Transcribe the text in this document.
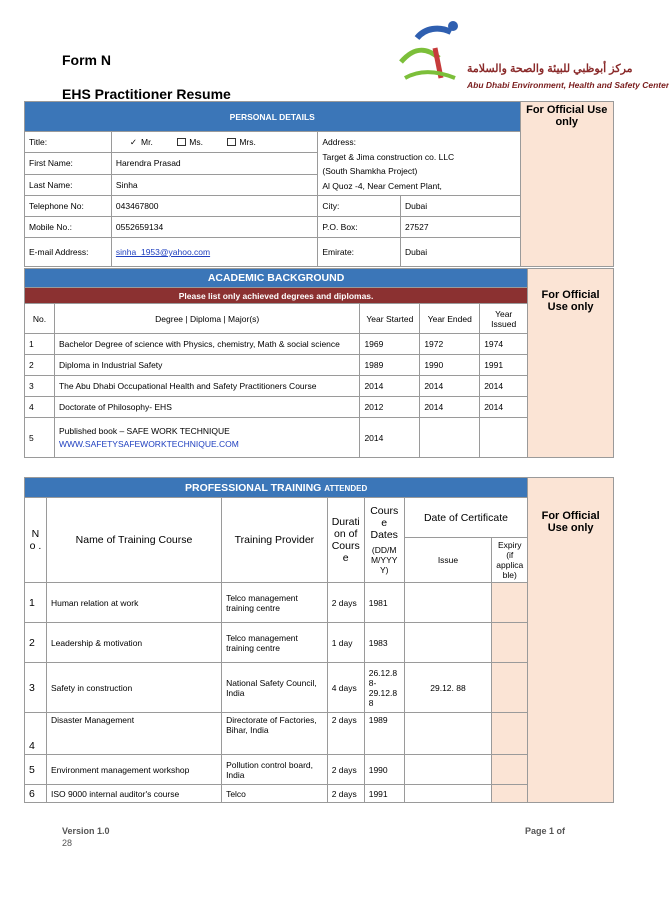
Form N
EHS Practitioner Resume
مركز أبوظبي للبيئة والصحة والسلامة
Abu Dhabi Environment, Health and Safety Center
PERSONAL DETAILS				For Official Use only
Title:	✓ Mr. Ms. Mrs.	Address:
Target & Jima construction co. LLC
(South Shamkha Project)
Al Quoz -4, Near Cement Plant,		

First Name:	Harendra Prasad			
Last Name:	Sinha			
Telephone No:	043467800	City:	Dubai	
Mobile No.:	0552659134	P.O. Box:	27527	
E-mail Address:	sinha_1953@yahoo.com	Emirate:	Dubai	
ACADEMIC BACKGROUND					For Official Use only
Please list only achieved degrees and diplomas.					
No.	Degree | Diploma | Major(s)	Year Started	Year Ended	Year Issued	
1	Bachelor Degree of science with Physics, chemistry, Math & social science	1969	1972	1974	
2	Diploma in Industrial Safety	1989	1990	1991	
3	The Abu Dhabi Occupational Health and Safety Practitioners Course	2014	2014	2014	
4	Doctorate of Philosophy- EHS	2012	2014	2014	
5	Published book – SAFE WORK TECHNIQUE
WWW.SAFETYSAFEWORKTECHNIQUE.COM	2014			
PROFESSIONAL TRAINING ATTENDED							For Official Use only
N o .	Name of Training Course	Training Provider	Durati on of Cours e	Cours e Dates
(DD/M M/YYY Y)	Date of Certificate		
					Issue	Expiry (if applica ble)	
1	Human relation at work	Telco management training centre	2 days	1981			
2	Leadership & motivation	Telco management training centre	1 day	1983			
3	Safety in construction	National Safety Council, India	4 days	26.12.8 8- 29.12.8 8	29.12. 88		
4	Disaster Management	Directorate of Factories, Bihar, India	2 days	1989			
5	Environment management workshop	Pollution control board, India	2 days	1990			
6	ISO 9000 internal auditor's course	Telco	2 days	1991			
Version 1.0
28
Page 1 of
